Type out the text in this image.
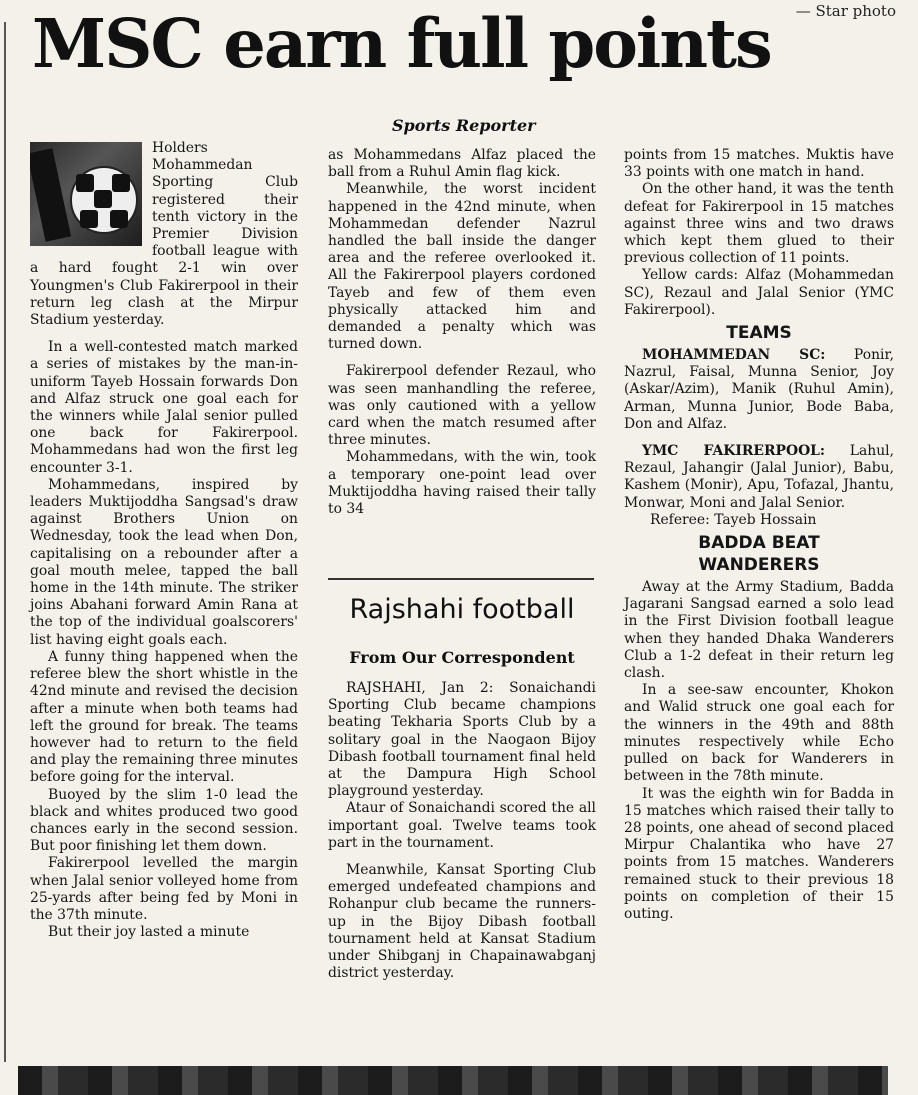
— Star photo
MSC earn full points
Sports Reporter

Holders Mohammedan Sporting Club registered their tenth victory in the Premier Division football league with a hard fought 2-1 win over Youngmen's Club Fakirerpool in their return leg clash at the Mirpur Stadium yesterday.

In a well-contested match marked a series of mistakes by the man-in-uniform Tayeb Hossain forwards Don and Alfaz struck one goal each for the winners while Jalal senior pulled one back for Fakirerpool. Mohammedans had won the first leg encounter 3-1.

Mohammedans, inspired by leaders Muktijoddha Sangsad's draw against Brothers Union on Wednesday, took the lead when Don, capitalising on a rebounder after a goal mouth melee, tapped the ball home in the 14th minute. The striker joins Abahani forward Amin Rana at the top of the individual goalscorers' list having eight goals each.

A funny thing happened when the referee blew the short whistle in the 42nd minute and revised the decision after a minute when both teams had left the ground for break. The teams however had to return to the field and play the remaining three minutes before going for the interval.

Buoyed by the slim 1-0 lead the black and whites produced two good chances early in the second session. But poor finishing let them down.

Fakirerpool levelled the margin when Jalal senior volleyed home from 25-yards after being fed by Moni in the 37th minute.

But their joy lasted a minute

as Mohammedans Alfaz placed the ball from a Ruhul Amin flag kick.

Meanwhile, the worst incident happened in the 42nd minute, when Mohammedan defender Nazrul handled the ball inside the danger area and the referee overlooked it. All the Fakirerpool players cordoned Tayeb and few of them even physically attacked him and demanded a penalty which was turned down.

Fakirerpool defender Rezaul, who was seen manhandling the referee, was only cautioned with a yellow card when the match resumed after three minutes.

Mohammedans, with the win, took a temporary one-point lead over Muktijoddha having raised their tally to 34

Rajshahi football
From Our Correspondent

RAJSHAHI, Jan 2: Sonaichandi Sporting Club became champions beating Tekharia Sports Club by a solitary goal in the Naogaon Bijoy Dibash football tournament final held at the Dampura High School playground yesterday.

Ataur of Sonaichandi scored the all important goal. Twelve teams took part in the tournament.

Meanwhile, Kansat Sporting Club emerged undefeated champions and Rohanpur club became the runners-up in the Bijoy Dibash football tournament held at Kansat Stadium under Shibganj in Chapainawabganj district yesterday.

points from 15 matches. Muktis have 33 points with one match in hand.

On the other hand, it was the tenth defeat for Fakirerpool in 15 matches against three wins and two draws which kept them glued to their previous collection of 11 points.

Yellow cards: Alfaz (Mohammedan SC), Rezaul and Jalal Senior (YMC Fakirerpool).

TEAMS

MOHAMMEDAN SC: Ponir, Nazrul, Faisal, Munna Senior, Joy (Askar/Azim), Manik (Ruhul Amin), Arman, Munna Junior, Bode Baba, Don and Alfaz.

YMC FAKIRERPOOL: Lahul, Rezaul, Jahangir (Jalal Junior), Babu, Kashem (Monir), Apu, Tofazal, Jhantu, Monwar, Moni and Jalal Senior.

Referee: Tayeb Hossain

BADDA BEAT WANDERERS

Away at the Army Stadium, Badda Jagarani Sangsad earned a solo lead in the First Division football league when they handed Dhaka Wanderers Club a 1-2 defeat in their return leg clash.

In a see-saw encounter, Khokon and Walid struck one goal each for the winners in the 49th and 88th minutes respectively while Echo pulled on back for Wanderers in between in the 78th minute.

It was the eighth win for Badda in 15 matches which raised their tally to 28 points, one ahead of second placed Mirpur Chalantika who have 27 points from 15 matches. Wanderers remained stuck to their previous 18 points on completion of their 15 outing.
